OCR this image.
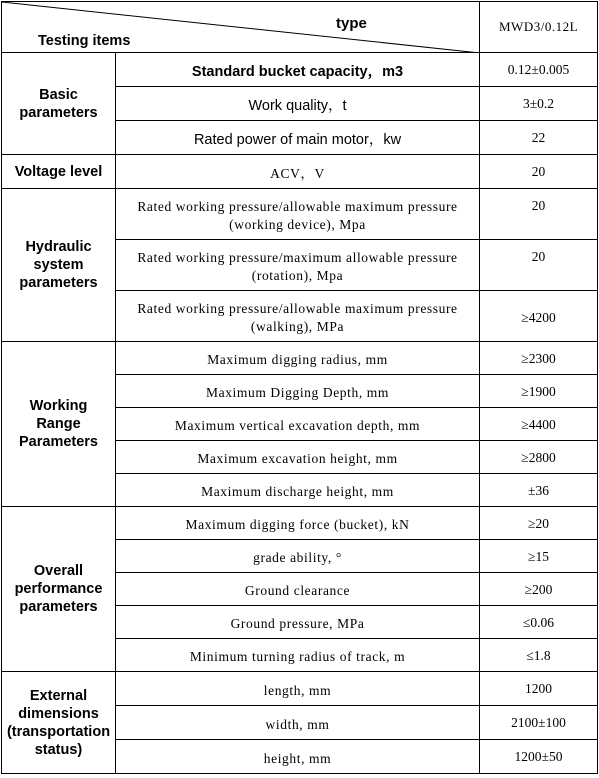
type
Testing items		MWD3/0.12L
Basic parameters	Standard bucket capacity，m3	0.12±0.005
	Work quality，t	3±0.2
	Rated power of main motor，kw	22
Voltage level	ACV，V	20
Hydraulic system parameters	Rated working pressure/allowable maximum pressure (working device), Mpa	20
	Rated working pressure/maximum allowable pressure (rotation), Mpa	20
	Rated working pressure/allowable maximum pressure (walking), MPa	≥4200
Working Range Parameters	Maximum digging radius, mm	≥2300
	Maximum Digging Depth, mm	≥1900
	Maximum vertical excavation depth, mm	≥4400
	Maximum excavation height, mm	≥2800
	Maximum discharge height, mm	±36
Overall performance parameters	Maximum digging force (bucket), kN	≥20
	grade ability, °	≥15
	Ground clearance	≥200
	Ground pressure, MPa	≤0.06
	Minimum turning radius of track, m	≤1.8
External dimensions (transportation status)	length, mm	1200
	width, mm	2100±100
	height, mm	1200±50
